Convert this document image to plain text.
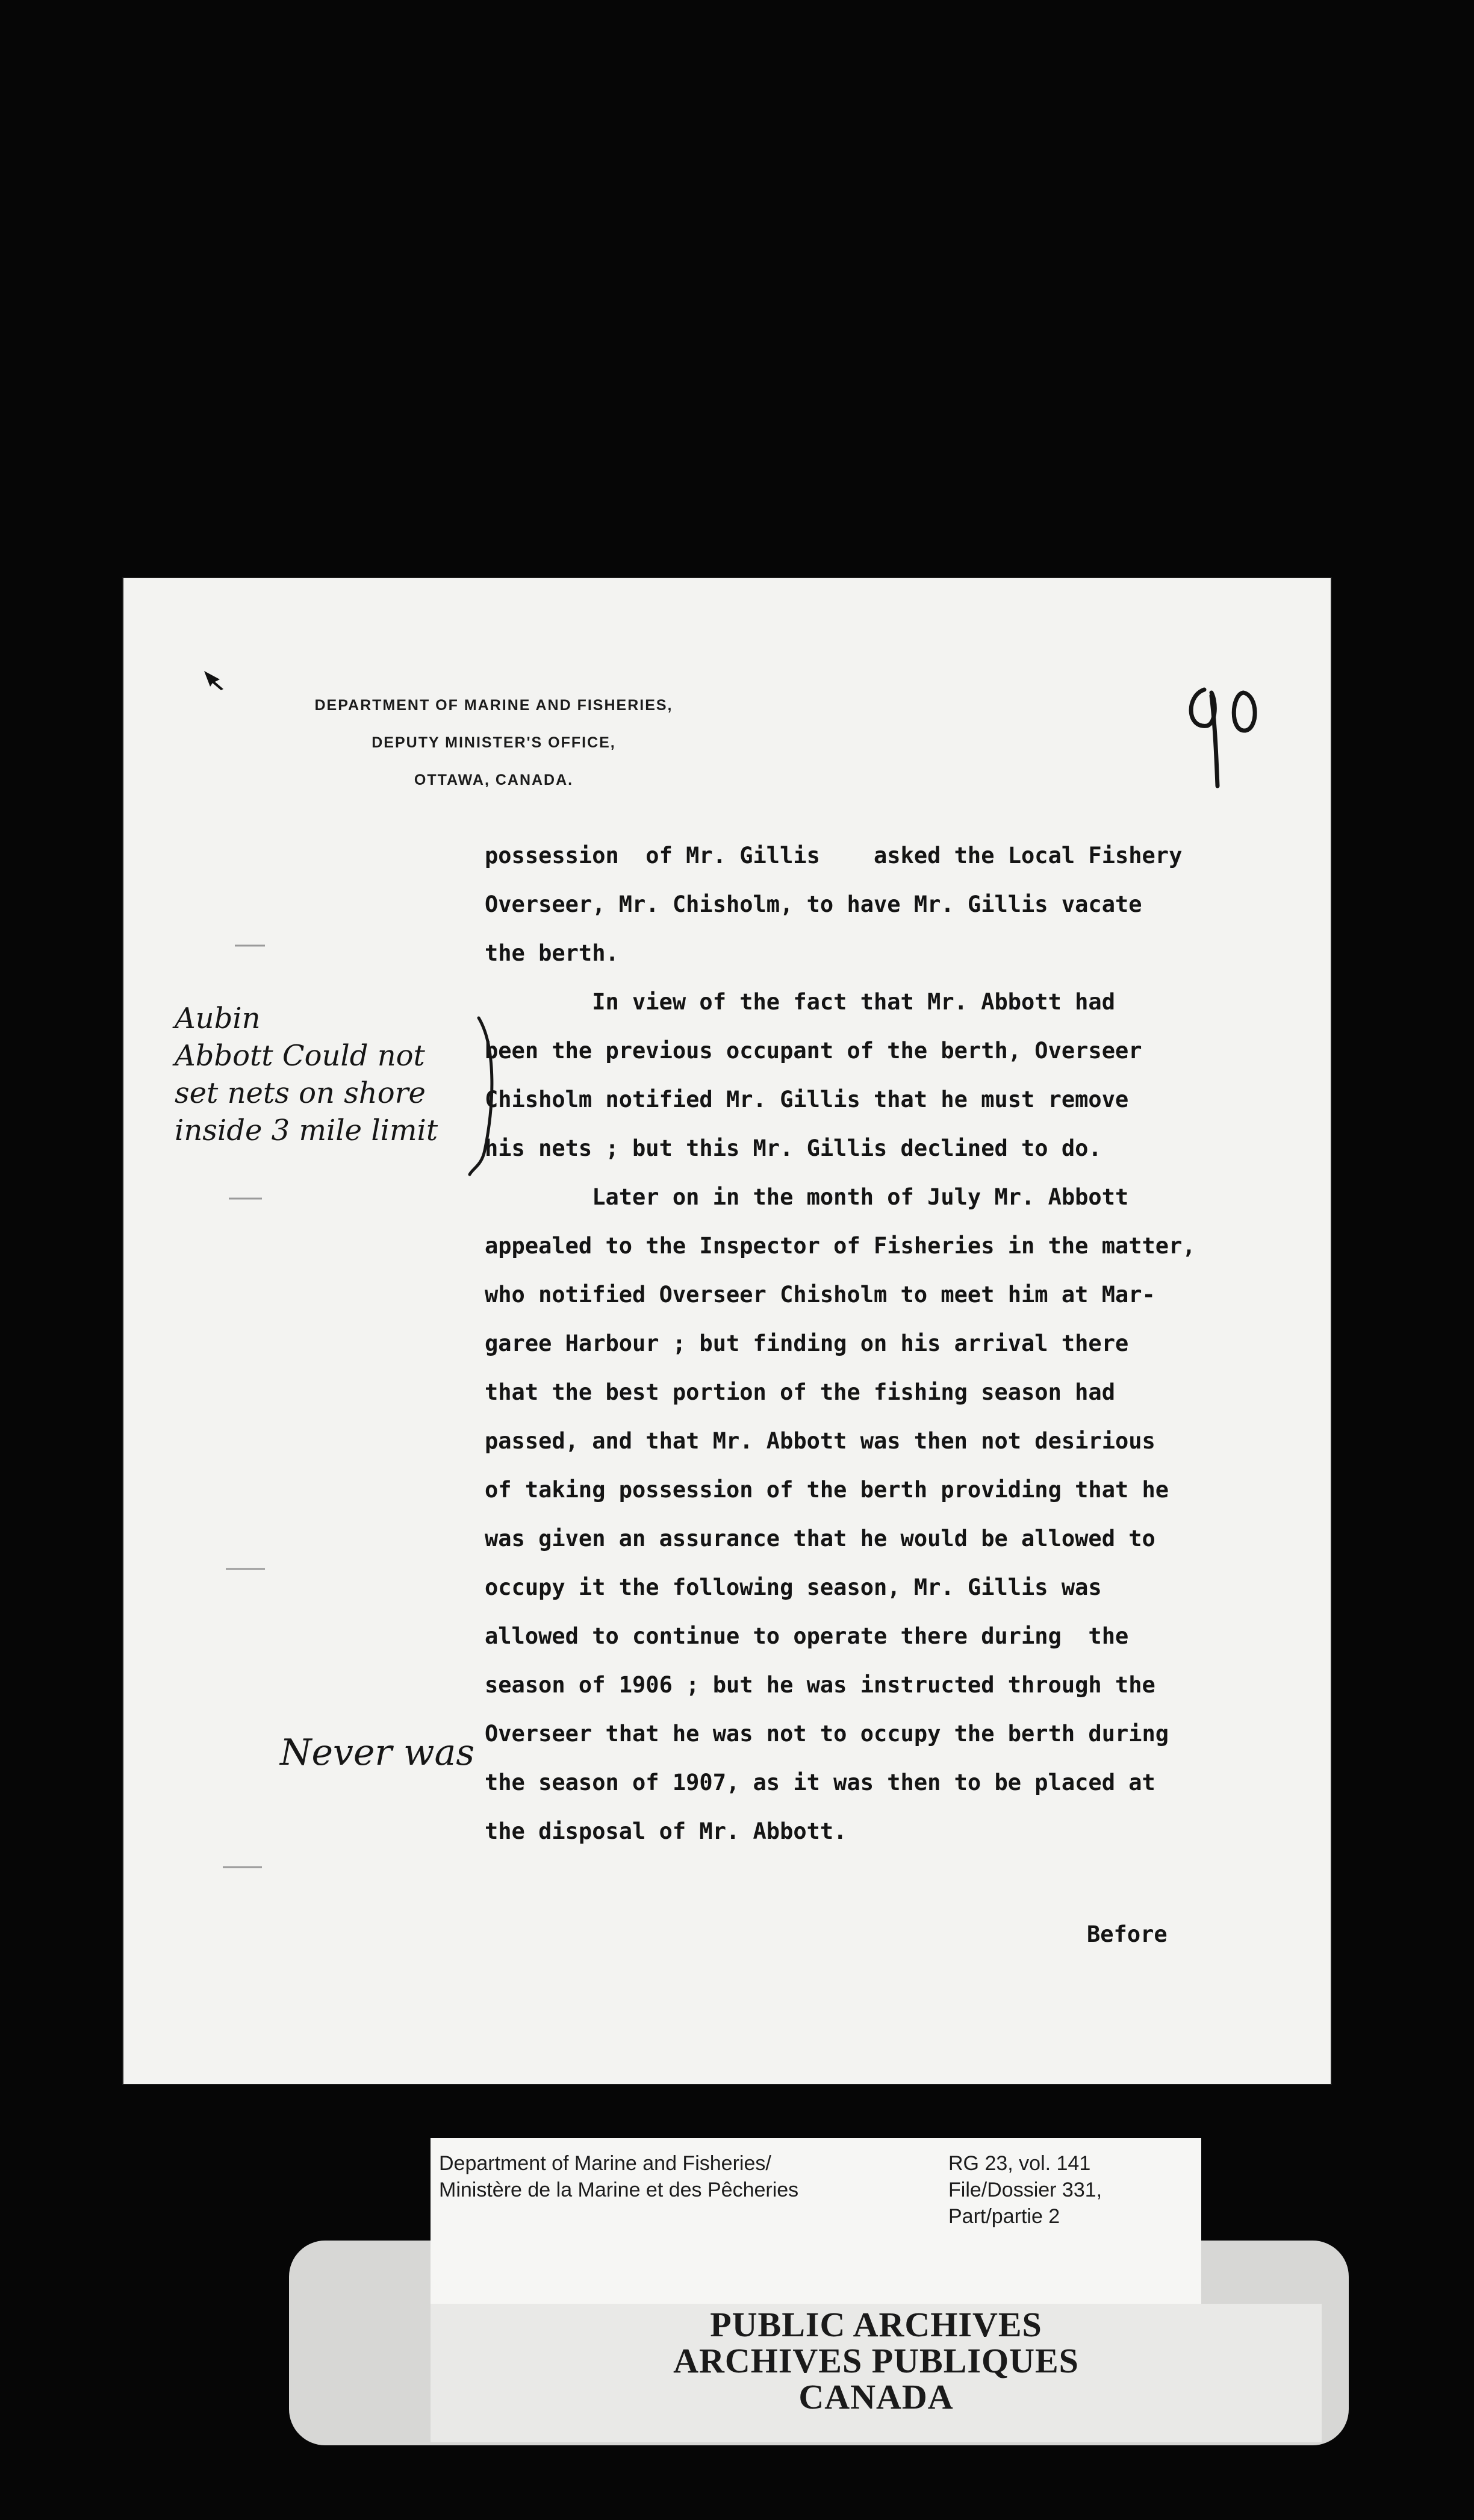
DEPARTMENT OF MARINE AND FISHERIES,
DEPUTY MINISTER'S OFFICE,
OTTAWA, CANADA.

possession  of Mr. Gillis    asked the Local Fishery

Overseer, Mr. Chisholm, to have Mr. Gillis vacate

the berth.

In view of the fact that Mr. Abbott had

been the previous occupant of the berth, Overseer

Chisholm notified Mr. Gillis that he must remove

his nets ; but this Mr. Gillis declined to do.

Later on in the month of July Mr. Abbott

appealed to the Inspector of Fisheries in the matter,

who notified Overseer Chisholm to meet him at Mar-

garee Harbour ; but finding on his arrival there

that the best portion of the fishing season had

passed, and that Mr. Abbott was then not desirious

of taking possession of the berth providing that he

was given an assurance that he would be allowed to

occupy it the following season, Mr. Gillis was

allowed to continue to operate there during  the

season of 1906 ; but he was instructed through the

Overseer that he was not to occupy the berth during

the season of 1907, as it was then to be placed at

the disposal of Mr. Abbott.

Before
Aubin
Abbott Could not
set nets on shore
inside 3 mile limit
Never was
Department of Marine and Fisheries/
Ministère de la Marine et des Pêcheries
RG 23, vol. 141
File/Dossier 331,
Part/partie 2
PUBLIC ARCHIVES
ARCHIVES PUBLIQUES
CANADA
